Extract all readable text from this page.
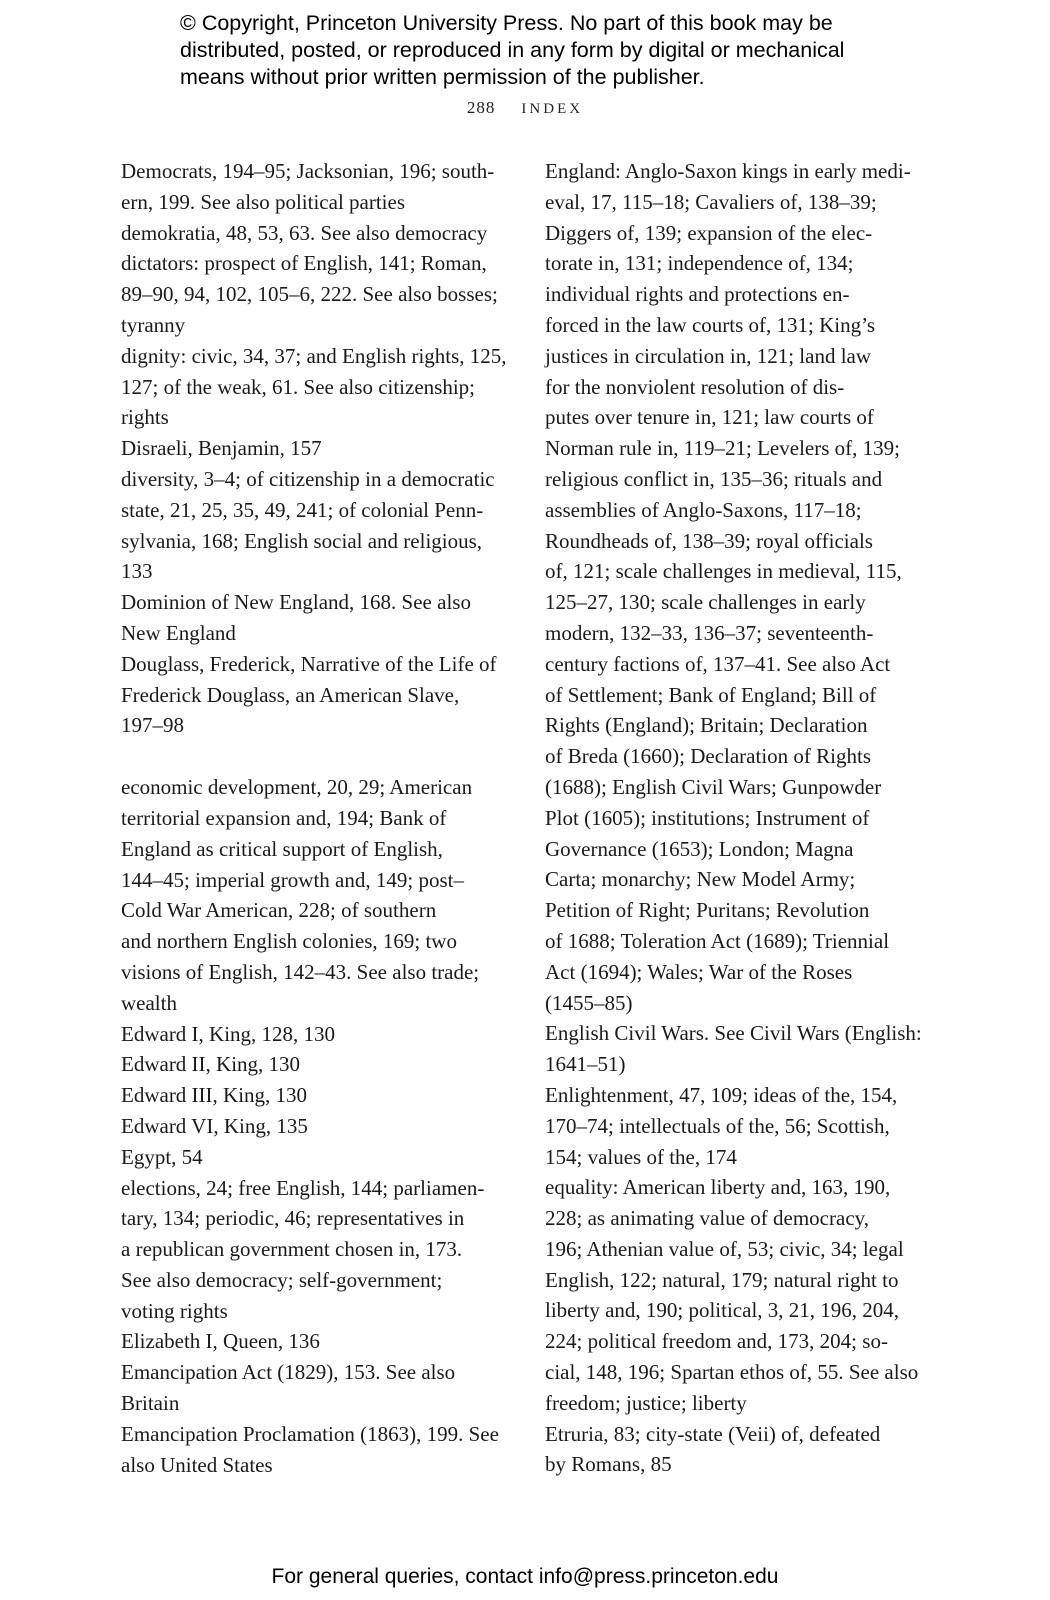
© Copyright, Princeton University Press. No part of this book may be
distributed, posted, or reproduced in any form by digital or mechanical
means without prior written permission of the publisher.
288 INDEX
Democrats, 194–95; Jacksonian, 196; south-
ern, 199. See also political parties
demokratia, 48, 53, 63. See also democracy
dictators: prospect of English, 141; Roman,
89–90, 94, 102, 105–6, 222. See also bosses;
tyranny
dignity: civic, 34, 37; and English rights, 125,
127; of the weak, 61. See also citizenship;
rights
Disraeli, Benjamin, 157
diversity, 3–4; of citizenship in a democratic
state, 21, 25, 35, 49, 241; of colonial Penn-
sylvania, 168; English social and religious,
133
Dominion of New England, 168. See also
New England
Douglass, Frederick, Narrative of the Life of
Frederick Douglass, an American Slave,
197–98
economic development, 20, 29; American
territorial expansion and, 194; Bank of
England as critical support of English,
144–45; imperial growth and, 149; post–
Cold War American, 228; of southern
and northern English colonies, 169; two
visions of English, 142–43. See also trade;
wealth
Edward I, King, 128, 130
Edward II, King, 130
Edward III, King, 130
Edward VI, King, 135
Egypt, 54
elections, 24; free English, 144; parliamen-
tary, 134; periodic, 46; representatives in
a republican government chosen in, 173.
See also democracy; self-government;
voting rights
Elizabeth I, Queen, 136
Emancipation Act (1829), 153. See also
Britain
Emancipation Proclamation (1863), 199. See
also United States
England: Anglo-Saxon kings in early medi-
eval, 17, 115–18; Cavaliers of, 138–39;
Diggers of, 139; expansion of the elec-
torate in, 131; independence of, 134;
individual rights and protections en-
forced in the law courts of, 131; King’s
justices in circulation in, 121; land law
for the nonviolent resolution of dis-
putes over tenure in, 121; law courts of
Norman rule in, 119–21; Levelers of, 139;
religious conflict in, 135–36; rituals and
assemblies of Anglo-Saxons, 117–18;
Roundheads of, 138–39; royal officials
of, 121; scale challenges in medieval, 115,
125–27, 130; scale challenges in early
modern, 132–33, 136–37; seventeenth-
century factions of, 137–41. See also Act
of Settlement; Bank of England; Bill of
Rights (England); Britain; Declaration
of Breda (1660); Declaration of Rights
(1688); English Civil Wars; Gunpowder
Plot (1605); institutions; Instrument of
Governance (1653); London; Magna
Carta; monarchy; New Model Army;
Petition of Right; Puritans; Revolution
of 1688; Toleration Act (1689); Triennial
Act (1694); Wales; War of the Roses
(1455–85)
English Civil Wars. See Civil Wars (English:
1641–51)
Enlightenment, 47, 109; ideas of the, 154,
170–74; intellectuals of the, 56; Scottish,
154; values of the, 174
equality: American liberty and, 163, 190,
228; as animating value of democracy,
196; Athenian value of, 53; civic, 34; legal
English, 122; natural, 179; natural right to
liberty and, 190; political, 3, 21, 196, 204,
224; political freedom and, 173, 204; so-
cial, 148, 196; Spartan ethos of, 55. See also
freedom; justice; liberty
Etruria, 83; city-state (Veii) of, defeated
by Romans, 85
For general queries, contact info@press.princeton.edu
